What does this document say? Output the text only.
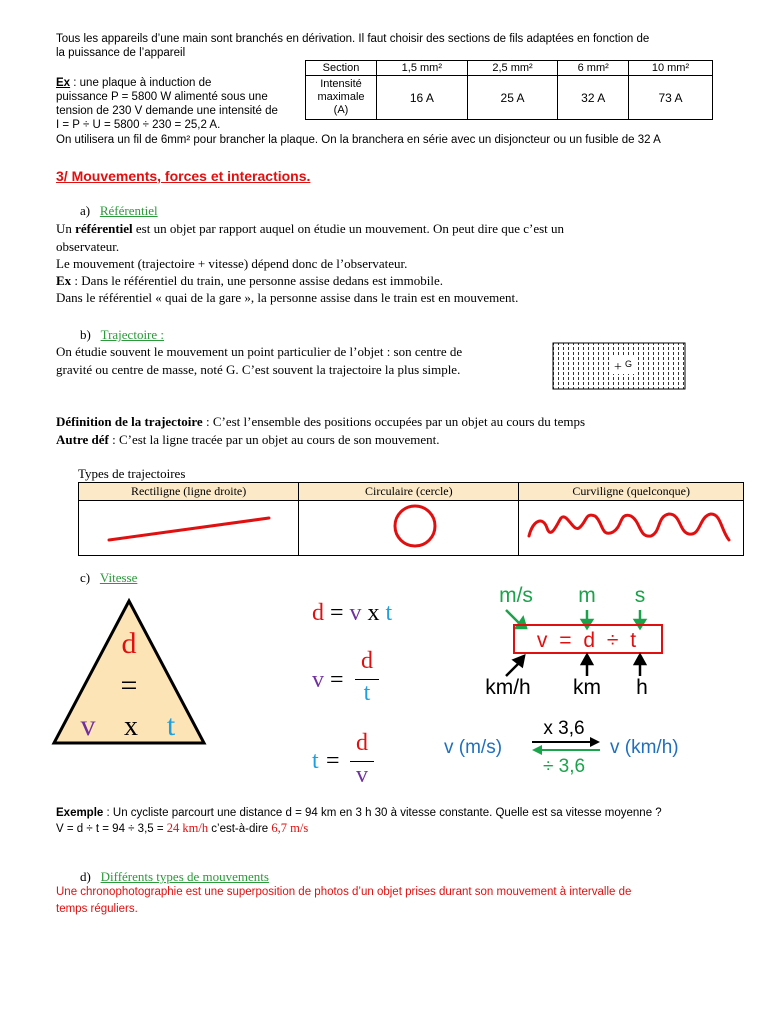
Tous les appareils d’une main sont branchés en dérivation. Il faut choisir des sections de fils adaptées en fonction de
la puissance de l’appareil
Ex : une plaque à induction de
puissance P = 5800 W alimenté sous une
tension de 230 V demande une intensité de
I = P ÷ U = 5800 ÷ 230 = 25,2 A.
On utilisera un fil de 6mm² pour brancher la plaque. On la branchera en série avec un disjoncteur ou un fusible de 32 A
Section	1,5 mm²	2,5 mm²	6 mm²	10 mm²

Intensité
maximale
(A)	16 A	25 A	32 A	73 A
3/ Mouvements, forces et interactions.
a) Référentiel
Un référentiel est un objet par rapport auquel on étudie un mouvement. On peut dire que c’est un
observateur.
Le mouvement (trajectoire + vitesse) dépend donc de l’observateur.
Ex : Dans le référentiel du train, une personne assise dedans est immobile.
Dans le référentiel « quai de la gare », la personne assise dans le train est en mouvement.
b) Trajectoire :
On étudie souvent le mouvement un point particulier de l’objet : son centre de
gravité ou centre de masse, noté G. C’est souvent la trajectoire la plus simple.	+ G
Définition de la trajectoire : C’est l’ensemble des positions occupées par un objet au cours du temps
Autre déf : C’est la ligne tracée par un objet au cours de son mouvement.
Types de trajectoires
Rectiligne (ligne droite)	Circulaire (cercle)	Curviligne (quelconque)

c) Vitesse
d
=
v x t
d = v x t
v =
d
t
t =
d
v
m/s m s
v = d ÷ t
km/h km h
v (m/s)	v (km/h)
x 3,6
÷ 3,6
Exemple : Un cycliste parcourt une distance d = 94 km en 3 h 30 à vitesse constante. Quelle est sa vitesse moyenne ?
V = d ÷ t = 94 ÷ 3,5 = 24 km/h c’est-à-dire 6,7 m/s
d) Différents types de mouvements
Une chronophotographie est une superposition de photos d’un objet prises durant son mouvement à intervalle de
temps réguliers.
